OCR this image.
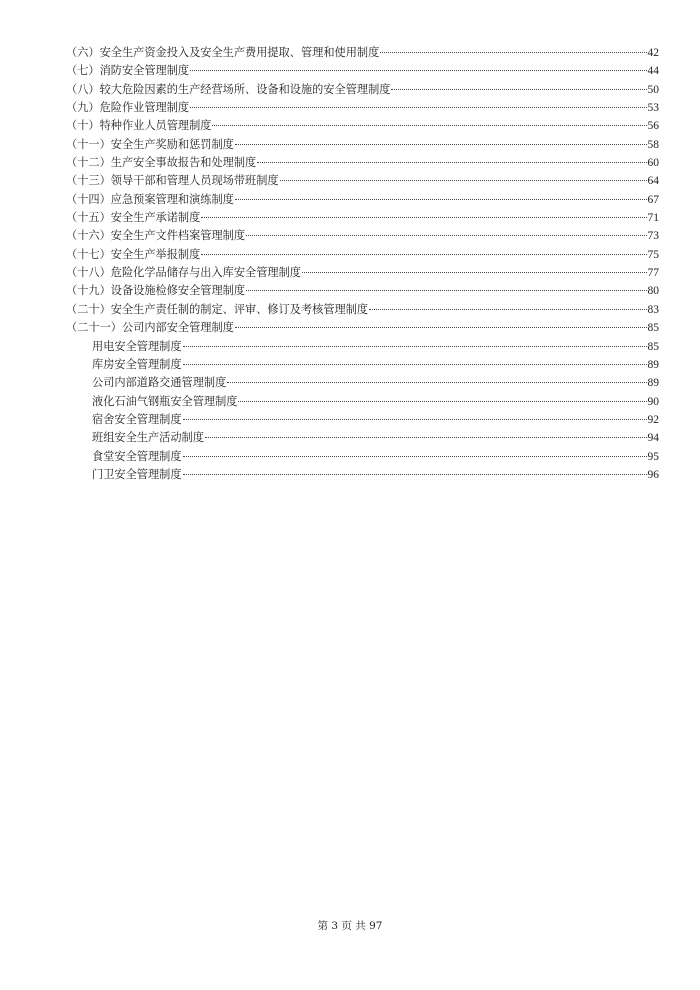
（六）安全生产资金投入及安全生产费用提取、管理和使用制度	42
（七）消防安全管理制度	44
（八）较大危险因素的生产经营场所、设备和设施的安全管理制度	50
（九）危险作业管理制度	53
（十）特种作业人员管理制度	56
（十一）安全生产奖励和惩罚制度	58
（十二）生产安全事故报告和处理制度	60
（十三）领导干部和管理人员现场带班制度	64
（十四）应急预案管理和演练制度	67
（十五）安全生产承诺制度	71
（十六）安全生产文件档案管理制度	73
（十七）安全生产举报制度	75
（十八）危险化学品储存与出入库安全管理制度	77
（十九）设备设施检修安全管理制度	80
（二十）安全生产责任制的制定、评审、修订及考核管理制度	83
（二十一）公司内部安全管理制度	85
用电安全管理制度	85
库房安全管理制度	89
公司内部道路交通管理制度	89
液化石油气钢瓶安全管理制度	90
宿舍安全管理制度	92
班组安全生产活动制度	94
食堂安全管理制度	95
门卫安全管理制度	96
第 3 页 共 97
